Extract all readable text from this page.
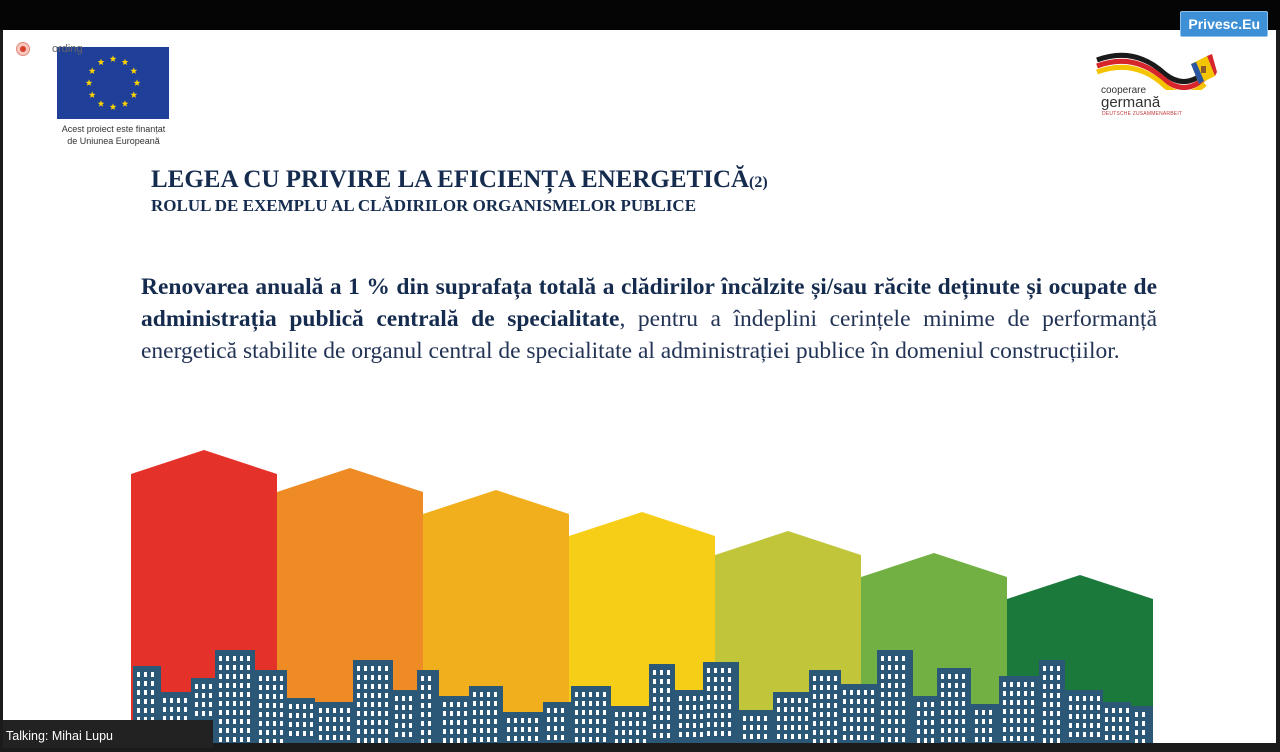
Privesc.Eu
Acest proiect este finanțat
de Uniunea Europeană
cooperare
germană
DEUTSCHE ZUSAMMENARBEIT
LEGEA CU PRIVIRE LA EFICIENȚA ENERGETICĂ(2)
ROLUL DE EXEMPLU AL CLĂDIRILOR ORGANISMELOR PUBLICE
Renovarea anuală a 1 % din suprafața totală a clădirilor încălzite și/sau răcite deținute și ocupate de administrația publică centrală de specialitate, pentru a îndeplini cerințele minime de performanță energetică stabilite de organul central de specialitate al administrației publice în domeniul construcțiilor.
ording
Talking: Mihai Lupu
